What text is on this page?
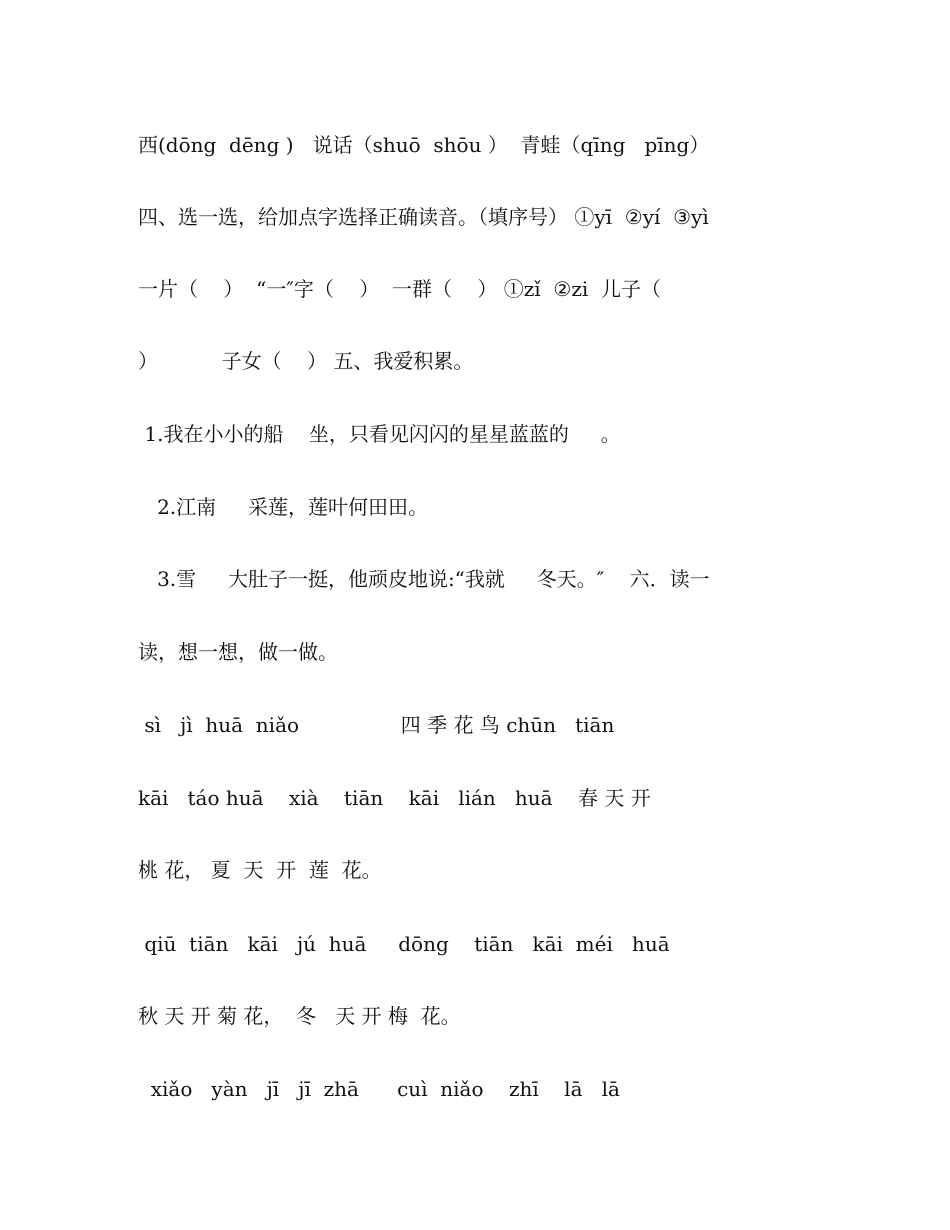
西(dōng  dēng )   说话（shuō  shōu ）  青蛙（qīng   pīng）
四、选一选，给加点字选择正确读音。（填序号） ①yī  ②yí  ③yì
一片（    ）  “一″字（    ）  一群（    ） ①zǐ  ②zi  儿子（
）          子女（    ） 五、我爱积累。
1.我在小小的船    坐，只看见闪闪的星星蓝蓝的     。
2.江南     采莲，莲叶何田田。
3.雪     大肚子一挺，他顽皮地说:“我就     冬天。″    六．读一
读，想一想，做一做。
sì   jì  huā  niǎo                四 季 花 鸟 chūn   tiān
kāi   táo huā    xià    tiān    kāi   lián   huā    春 天 开
桃 花， 夏  天  开  莲  花。
qiū  tiān   kāi   jú  huā     dōng    tiān   kāi  méi   huā
秋 天 开 菊 花，  冬   天 开 梅  花。
xiǎo   yàn   jī   jī  zhā      cuì  niǎo    zhī    lā   lā
